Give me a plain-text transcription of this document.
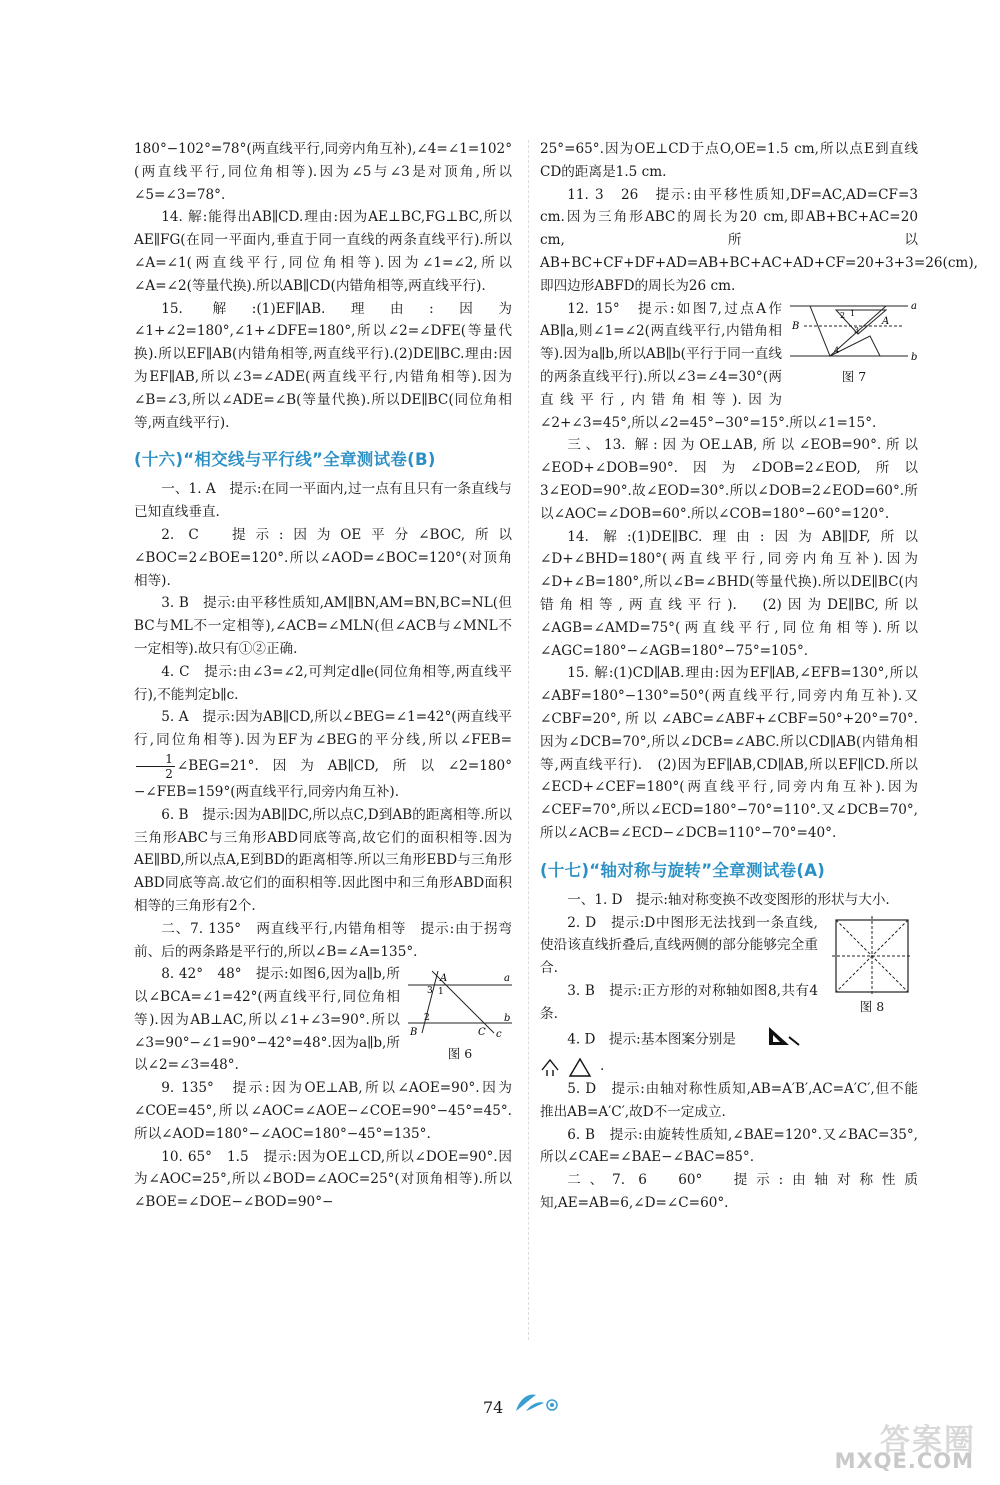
180°−102°=78°(两直线平行,同旁内角互补),∠4=∠1=102°(两直线平行,同位角相等).因为∠5与∠3是对顶角,所以∠5=∠3=78°.

14. 解:能得出AB∥CD.理由:因为AE⊥BC,FG⊥BC,所以AE∥FG(在同一平面内,垂直于同一直线的两条直线平行).所以∠A=∠1(两直线平行,同位角相等).因为∠1=∠2,所以∠A=∠2(等量代换).所以AB∥CD(内错角相等,两直线平行).

15. 解:(1)EF∥AB.理由:因为∠1+∠2=180°,∠1+∠DFE=180°,所以∠2=∠DFE(等量代换).所以EF∥AB(内错角相等,两直线平行).(2)DE∥BC.理由:因为EF∥AB,所以∠3=∠ADE(两直线平行,内错角相等).因为∠B=∠3,所以∠ADE=∠B(等量代换).所以DE∥BC(同位角相等,两直线平行).

(十六)“相交线与平行线”全章测试卷(B)

一、1. A　提示:在同一平面内,过一点有且只有一条直线与已知直线垂直.

2. C　提示:因为OE平分∠BOC,所以∠BOC=2∠BOE=120°.所以∠AOD=∠BOC=120°(对顶角相等).

3. B　提示:由平移性质知,AM∥BN,AM=BN,BC=NL(但BC与ML不一定相等),∠ACB=∠MLN(但∠ACB与∠MNL不一定相等).故只有①②正确.

4. C　提示:由∠3=∠2,可判定d∥e(同位角相等,两直线平行),不能判定b∥c.

5. A　提示:因为AB∥CD,所以∠BEG=∠1=42°(两直线平行,同位角相等).因为EF为∠BEG的平分线,所以∠FEB=
$\frac{1}{2}$ ∠BEG=21°.因为AB∥CD,所以∠2=180°−∠FEB=159°(两直线平行,同旁内角互补).

6. B　提示:因为AB∥DC,所以点C,D到AB的距离相等.所以三角形ABC与三角形ABD同底等高,故它们的面积相等.因为AE∥BD,所以点A,E到BD的距离相等.所以三角形EBD与三角形ABD同底等高.故它们的面积相等.因此图中和三角形ABD面积相等的三角形有2个.

二、7. 135°　两直线平行,内错角相等　提示:由于拐弯前、后的两条路是平行的,所以∠B=∠A=135°.

A	a
3 1
2
B	C c
b
图 6

8. 42°　48°　提示:如图6,因为a∥b,所以∠BCA=∠1=42°(两直线平行,同位角相等).因为AB⊥AC,所以∠1+∠3=90°.所以∠3=90°−∠1=90°−42°=48°.因为a∥b,所以∠2=∠3=48°.

9. 135°　提示:因为OE⊥AB,所以∠AOE=90°.因为∠COE=45°,所以∠AOC=∠AOE−∠COE=90°−45°=45°.所以∠AOD=180°−∠AOC=180°−45°=135°.

10. 65°　1.5　提示:因为OE⊥CD,所以∠DOE=90°.因为∠AOC=25°,所以∠BOD=∠AOC=25°(对顶角相等).所以∠BOE=∠DOE−∠BOD=90°−

25°=65°.因为OE⊥CD于点O,OE=1.5 cm,所以点E到直线CD的距离是1.5 cm.

11. 3　26　提示:由平移性质知,DF=AC,AD=CF=3 cm.因为三角形ABC的周长为20 cm,即AB+BC+AC=20 cm,所以AB+BC+CF+DF+AD=AB+BC+AC+AD+CF=20+3+3=26(cm),即四边形ABFD的周长为26 cm.

a
B
2 1
A
3
4
b
图 7

12. 15°　提示:如图7,过点A作AB∥a,则∠1=∠2(两直线平行,内错角相等).因为a∥b,所以AB∥b(平行于同一直线的两条直线平行).所以∠3=∠4=30°(两直线平行,内错角相等).因为∠2+∠3=45°,所以∠2=45°−30°=15°.所以∠1=15°.

三、13. 解:因为OE⊥AB,所以∠EOB=90°.所以∠EOD+∠DOB=90°.因为∠DOB=2∠EOD,所以3∠EOD=90°.故∠EOD=30°.所以∠DOB=2∠EOD=60°.所以∠AOC=∠DOB=60°.所以∠COB=180°−60°=120°.

14. 解:(1)DE∥BC.理由:因为AB∥DF,所以∠D+∠BHD=180°(两直线平行,同旁内角互补).因为∠D+∠B=180°,所以∠B=∠BHD(等量代换).所以DE∥BC(内错角相等,两直线平行).　(2)因为DE∥BC,所以∠AGB=∠AMD=75°(两直线平行,同位角相等).所以∠AGC=180°−∠AGB=180°−75°=105°.

15. 解:(1)CD∥AB.理由:因为EF∥AB,∠EFB=130°,所以∠ABF=180°−130°=50°(两直线平行,同旁内角互补).又∠CBF=20°,所以∠ABC=∠ABF+∠CBF=50°+20°=70°.因为∠DCB=70°,所以∠DCB=∠ABC.所以CD∥AB(内错角相等,两直线平行).　(2)因为EF∥AB,CD∥AB,所以EF∥CD.所以∠ECD+∠CEF=180°(两直线平行,同旁内角互补).因为∠CEF=70°,所以∠ECD=180°−70°=110°.又∠DCB=70°,所以∠ACB=∠ECD−∠DCB=110°−70°=40°.

(十七)“轴对称与旋转”全章测试卷(A)

一、1. D　提示:轴对称变换不改变图形的形状与大小.

图 8

2. D　提示:D中图形无法找到一条直线,使沿该直线折叠后,直线两侧的部分能够完全重合.

3. B　提示:正方形的对称轴如图8,共有4条.

4. D　提示:基本图案分别是

.

5. D　提示:由轴对称性质知,AB=A′B′,AC=A′C′,但不能推出AB=A′C′,故D不一定成立.

6. B　提示:由旋转性质知,∠BAE=120°.又∠BAC=35°,所以∠CAE=∠BAE−∠BAC=85°.

二、7. 6　60°　提示:由轴对称性质知,AE=AB=6,∠D=∠C=60°.

74
答案圈
MXQE.COM
